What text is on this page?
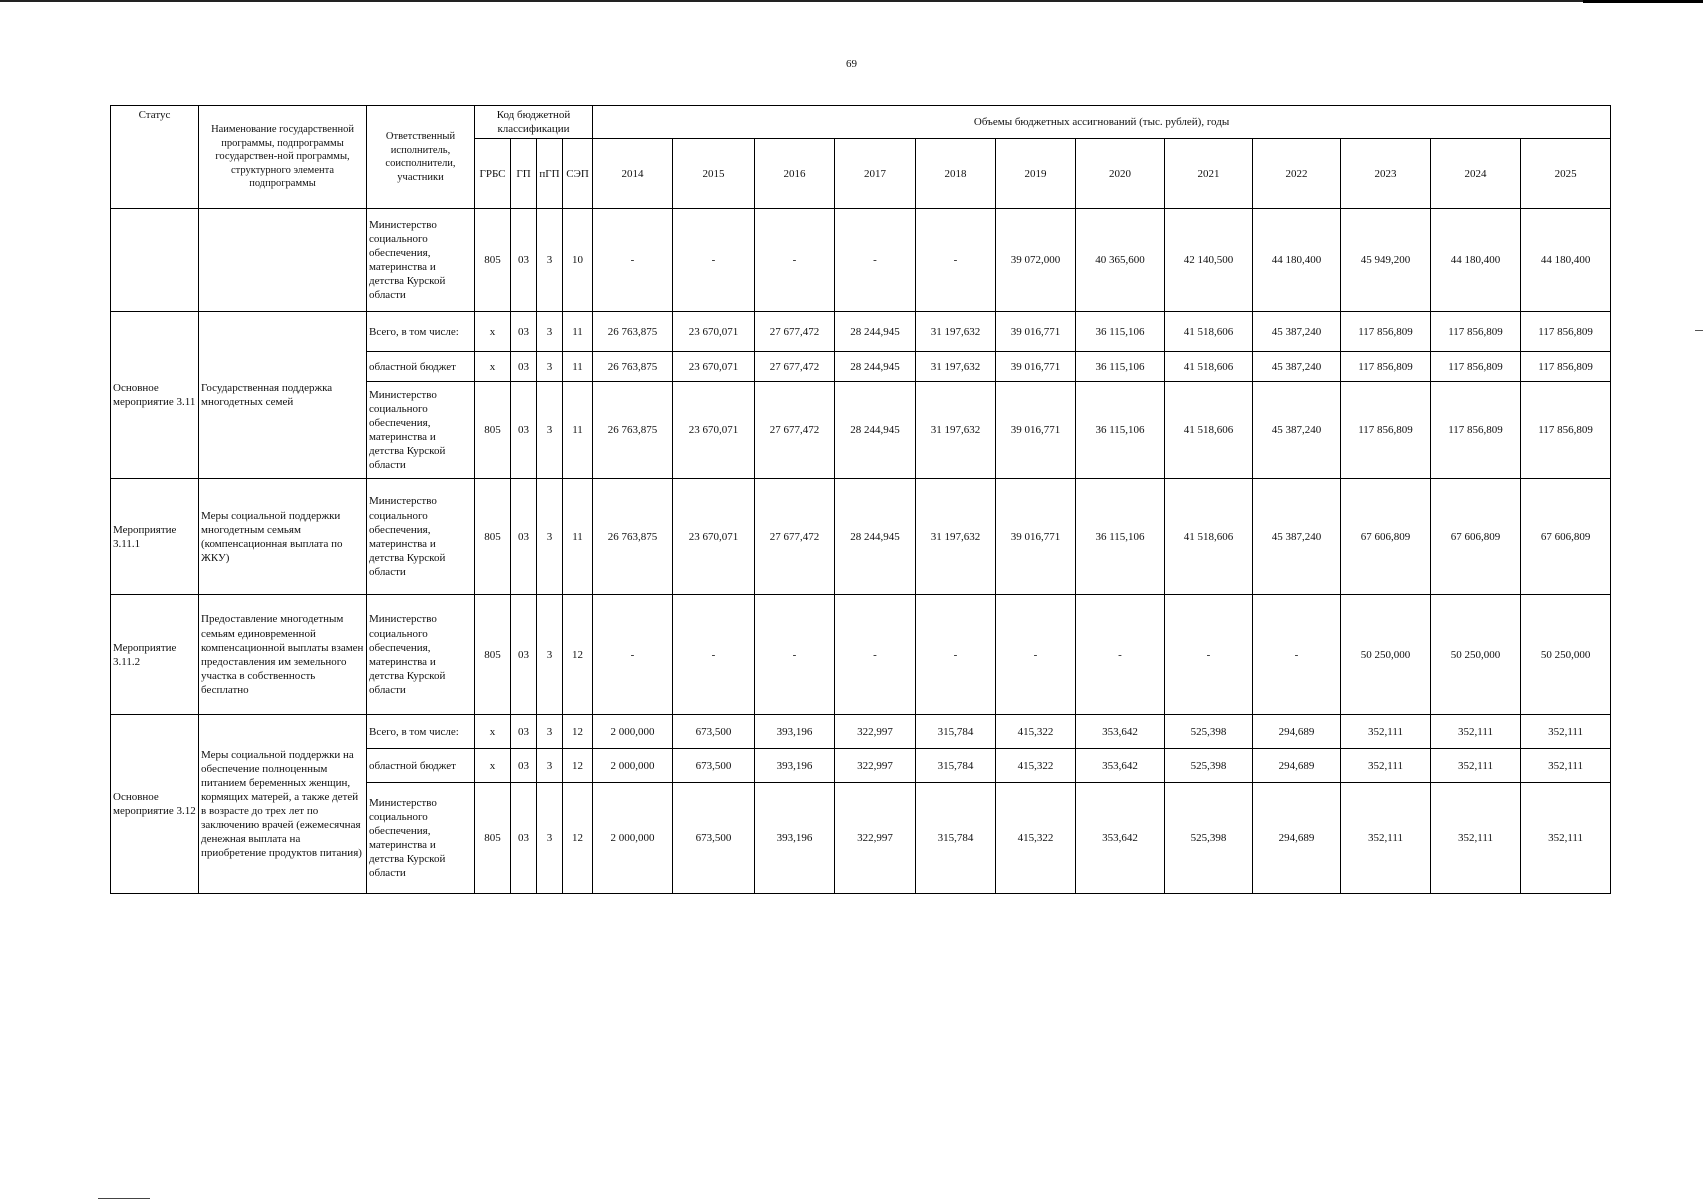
69
Статус	Наименование государственной программы, подпрограммы государствен-ной программы, структурного элемента подпрограммы	Ответственный исполнитель, соисполнители, участники	Код бюджетной классификации				Объемы бюджетных ассигнований (тыс. рублей), годы											
			ГРБС	ГП	пГП	СЭП	2014	2015	2016	2017	2018	2019	2020	2021	2022	2023	2024	2025
		Министерство социального обеспечения, материнства и детства Курской области	805	03	3	10	-	-	-	-	-	39 072,000	40 365,600	42 140,500	44 180,400	45 949,200	44 180,400	44 180,400
Основное мероприятие 3.11	Государственная поддержка многодетных семей	Всего, в том числе:	x	03	3	11	26 763,875	23 670,071	27 677,472	28 244,945	31 197,632	39 016,771	36 115,106	41 518,606	45 387,240	117 856,809	117 856,809	117 856,809
		областной бюджет	x	03	3	11	26 763,875	23 670,071	27 677,472	28 244,945	31 197,632	39 016,771	36 115,106	41 518,606	45 387,240	117 856,809	117 856,809	117 856,809
		Министерство социального обеспечения, материнства и детства Курской области	805	03	3	11	26 763,875	23 670,071	27 677,472	28 244,945	31 197,632	39 016,771	36 115,106	41 518,606	45 387,240	117 856,809	117 856,809	117 856,809
Мероприятие 3.11.1	Меры социальной поддержки многодетным семьям (компенсационная выплата по ЖКУ)	Министерство социального обеспечения, материнства и детства Курской области	805	03	3	11	26 763,875	23 670,071	27 677,472	28 244,945	31 197,632	39 016,771	36 115,106	41 518,606	45 387,240	67 606,809	67 606,809	67 606,809
Мероприятие 3.11.2	Предоставление многодетным семьям единовременной компенсационной выплаты взамен предоставления им земельного участка в собственность бесплатно	Министерство социального обеспечения, материнства и детства Курской области	805	03	3	12	-	-	-	-	-	-	-	-	-	50 250,000	50 250,000	50 250,000
Основное мероприятие 3.12	Меры социальной поддержки на обеспечение полноценным питанием беременных женщин, кормящих матерей, а также детей в возрасте до трех лет по заключению врачей (ежемесячная денежная выплата на приобретение продуктов питания)	Всего, в том числе:	x	03	3	12	2 000,000	673,500	393,196	322,997	315,784	415,322	353,642	525,398	294,689	352,111	352,111	352,111
		областной бюджет	x	03	3	12	2 000,000	673,500	393,196	322,997	315,784	415,322	353,642	525,398	294,689	352,111	352,111	352,111
		Министерство социального обеспечения, материнства и детства Курской области	805	03	3	12	2 000,000	673,500	393,196	322,997	315,784	415,322	353,642	525,398	294,689	352,111	352,111	352,111
